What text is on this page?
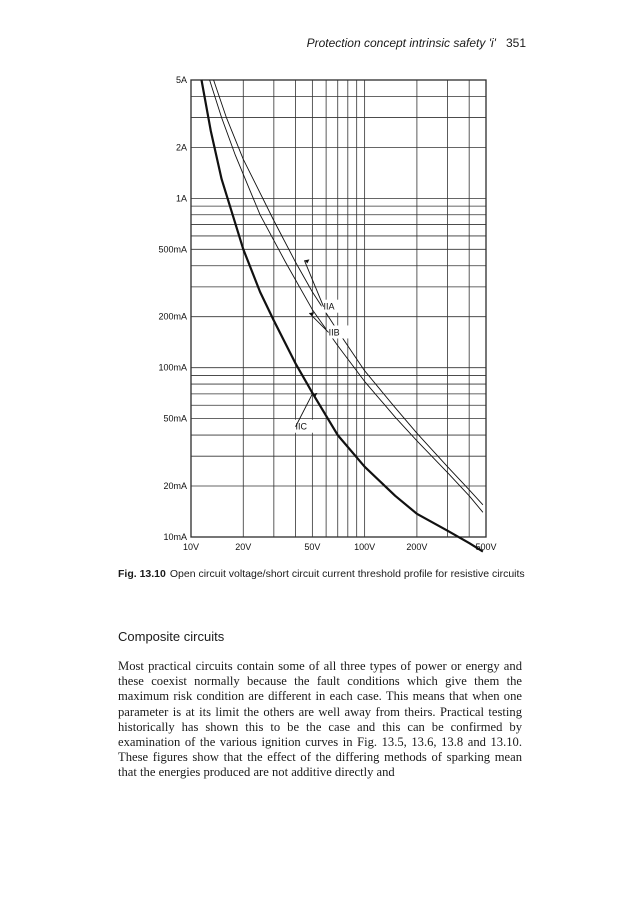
Protection concept intrinsic safety 'i' 351
5A
2A
1A
500mA
200mA
100mA
50mA
20mA
10mA
10V	20V	50V	100V	200V	500V
IIA
IIB
IIC
Fig. 13.10 Open circuit voltage/short circuit current threshold profile for resistive circuits
Composite circuits
Most practical circuits contain some of all three types of power or energy and these coexist normally because the fault conditions which give them the maximum risk condition are different in each case. This means that when one parameter is at its limit the others are well away from theirs. Practical testing historically has shown this to be the case and this can be confirmed by examination of the various ignition curves in Fig. 13.5, 13.6, 13.8 and 13.10. These figures show that the effect of the differing methods of sparking mean that the energies produced are not additive directly and
